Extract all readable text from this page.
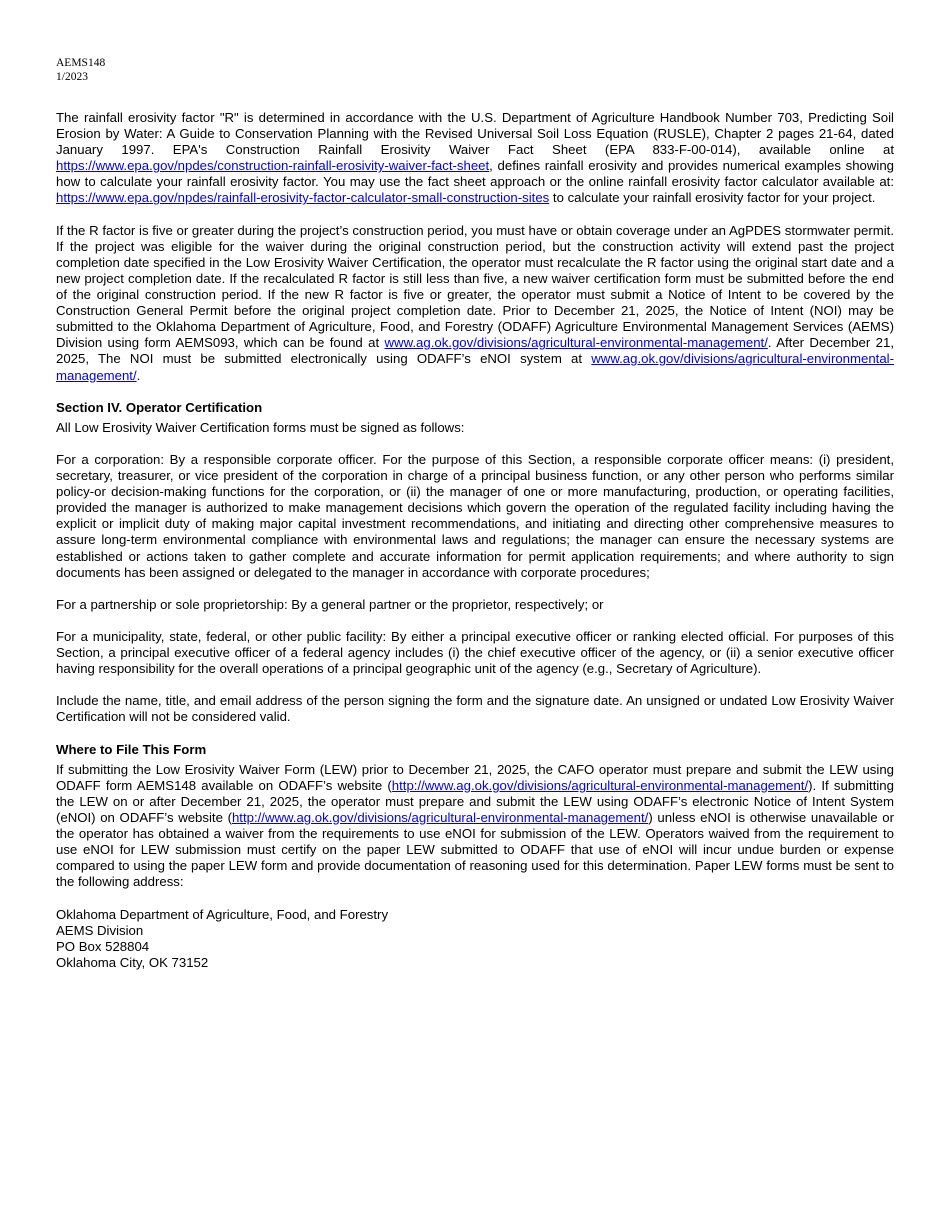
AEMS148
1/2023

The rainfall erosivity factor "R" is determined in accordance with the U.S. Department of Agriculture Handbook Number 703, Predicting Soil Erosion by Water: A Guide to Conservation Planning with the Revised Universal Soil Loss Equation (RUSLE), Chapter 2 pages 21-64, dated January 1997. EPA's Construction Rainfall Erosivity Waiver Fact Sheet (EPA 833-F-00-014), available online at https://www.epa.gov/npdes/construction-rainfall-erosivity-waiver-fact-sheet, defines rainfall erosivity and provides numerical examples showing how to calculate your rainfall erosivity factor. You may use the fact sheet approach or the online rainfall erosivity factor calculator available at: https://www.epa.gov/npdes/rainfall-erosivity-factor-calculator-small-construction-sites to calculate your rainfall erosivity factor for your project.

If the R factor is five or greater during the project’s construction period, you must have or obtain coverage under an AgPDES stormwater permit. If the project was eligible for the waiver during the original construction period, but the construction activity will extend past the project completion date specified in the Low Erosivity Waiver Certification, the operator must recalculate the R factor using the original start date and a new project completion date. If the recalculated R factor is still less than five, a new waiver certification form must be submitted before the end of the original construction period. If the new R factor is five or greater, the operator must submit a Notice of Intent to be covered by the Construction General Permit before the original project completion date. Prior to December 21, 2025, the Notice of Intent (NOI) may be submitted to the Oklahoma Department of Agriculture, Food, and Forestry (ODAFF) Agriculture Environmental Management Services (AEMS) Division using form AEMS093, which can be found at www.ag.ok.gov/divisions/agricultural-environmental-management/. After December 21, 2025, The NOI must be submitted electronically using ODAFF’s eNOI system at www.ag.ok.gov/divisions/agricultural-environmental-management/.

Section IV. Operator Certification

All Low Erosivity Waiver Certification forms must be signed as follows:

For a corporation: By a responsible corporate officer. For the purpose of this Section, a responsible corporate officer means: (i) president, secretary, treasurer, or vice president of the corporation in charge of a principal business function, or any other person who performs similar policy-or decision-making functions for the corporation, or (ii) the manager of one or more manufacturing, production, or operating facilities, provided the manager is authorized to make management decisions which govern the operation of the regulated facility including having the explicit or implicit duty of making major capital investment recommendations, and initiating and directing other comprehensive measures to assure long-term environmental compliance with environmental laws and regulations; the manager can ensure the necessary systems are established or actions taken to gather complete and accurate information for permit application requirements; and where authority to sign documents has been assigned or delegated to the manager in accordance with corporate procedures;

For a partnership or sole proprietorship: By a general partner or the proprietor, respectively; or

For a municipality, state, federal, or other public facility: By either a principal executive officer or ranking elected official. For purposes of this Section, a principal executive officer of a federal agency includes (i) the chief executive officer of the agency, or (ii) a senior executive officer having responsibility for the overall operations of a principal geographic unit of the agency (e.g., Secretary of Agriculture).

Include the name, title, and email address of the person signing the form and the signature date. An unsigned or undated Low Erosivity Waiver Certification will not be considered valid.

Where to File This Form

If submitting the Low Erosivity Waiver Form (LEW) prior to December 21, 2025, the CAFO operator must prepare and submit the LEW using ODAFF form AEMS148 available on ODAFF’s website (http://www.ag.ok.gov/divisions/agricultural-environmental-management/). If submitting the LEW on or after December 21, 2025, the operator must prepare and submit the LEW using ODAFF’s electronic Notice of Intent System (eNOI) on ODAFF’s website (http://www.ag.ok.gov/divisions/agricultural-environmental-management/) unless eNOI is otherwise unavailable or the operator has obtained a waiver from the requirements to use eNOI for submission of the LEW. Operators waived from the requirement to use eNOI for LEW submission must certify on the paper LEW submitted to ODAFF that use of eNOI will incur undue burden or expense compared to using the paper LEW form and provide documentation of reasoning used for this determination. Paper LEW forms must be sent to the following address:

Oklahoma Department of Agriculture, Food, and Forestry
AEMS Division
PO Box 528804
Oklahoma City, OK 73152
